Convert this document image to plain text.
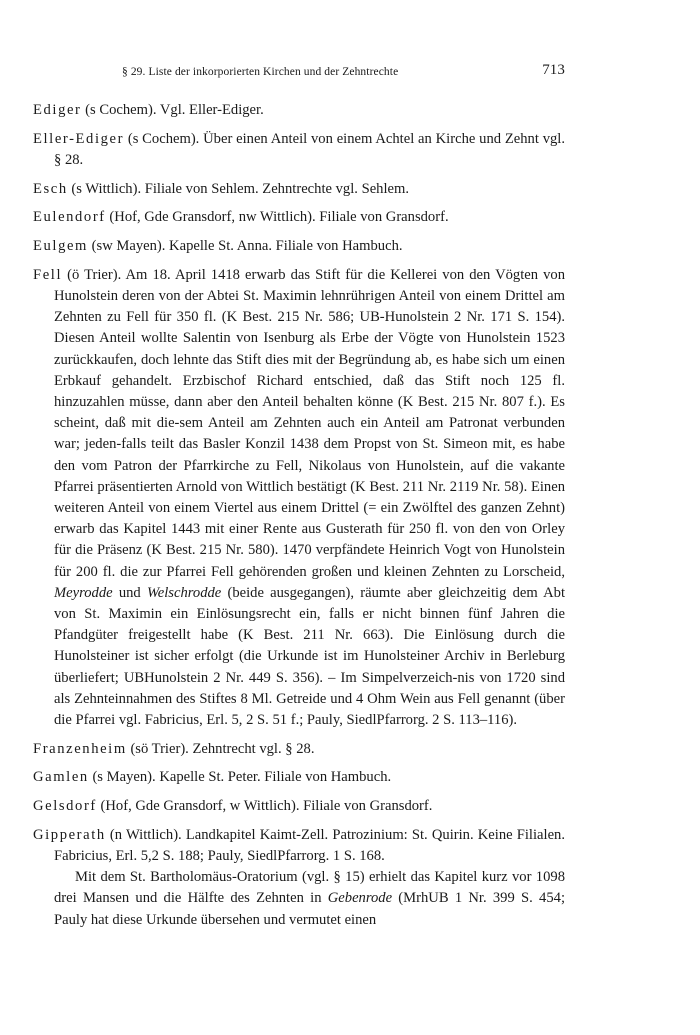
§ 29. Liste der inkorporierten Kirchen und der Zehntrechte	713

Ediger (s Cochem). Vgl. Eller-Ediger.

Eller-Ediger (s Cochem). Über einen Anteil von einem Achtel an Kirche und Zehnt vgl. § 28.

Esch (s Wittlich). Filiale von Sehlem. Zehntrechte vgl. Sehlem.

Eulendorf (Hof, Gde Gransdorf, nw Wittlich). Filiale von Gransdorf.

Eulgem (sw Mayen). Kapelle St. Anna. Filiale von Hambuch.

Fell (ö Trier). Am 18. April 1418 erwarb das Stift für die Kellerei von den Vögten von Hunolstein deren von der Abtei St. Maximin lehnrührigen Anteil von einem Drittel am Zehnten zu Fell für 350 fl. (K Best. 215 Nr. 586; UB-Hunolstein 2 Nr. 171 S. 154). Diesen Anteil wollte Salentin von Isenburg als Erbe der Vögte von Hunolstein 1523 zurückkaufen, doch lehnte das Stift dies mit der Begründung ab, es habe sich um einen Erbkauf gehandelt. Erzbischof Richard entschied, daß das Stift noch 125 fl. hinzuzahlen müsse, dann aber den Anteil behalten könne (K Best. 215 Nr. 807 f.). Es scheint, daß mit die-sem Anteil am Zehnten auch ein Anteil am Patronat verbunden war; jeden-falls teilt das Basler Konzil 1438 dem Propst von St. Simeon mit, es habe den vom Patron der Pfarrkirche zu Fell, Nikolaus von Hunolstein, auf die vakante Pfarrei präsentierten Arnold von Wittlich bestätigt (K Best. 211 Nr. 2119 Nr. 58). Einen weiteren Anteil von einem Viertel aus einem Drittel (= ein Zwölftel des ganzen Zehnt) erwarb das Kapitel 1443 mit einer Rente aus Gusterath für 250 fl. von den von Orley für die Präsenz (K Best. 215 Nr. 580). 1470 verpfändete Heinrich Vogt von Hunolstein für 200 fl. die zur Pfarrei Fell gehörenden großen und kleinen Zehnten zu Lorscheid, Meyrodde und Welschrodde (beide ausgegangen), räumte aber gleichzeitig dem Abt von St. Maximin ein Einlösungsrecht ein, falls er nicht binnen fünf Jahren die Pfandgüter freigestellt habe (K Best. 211 Nr. 663). Die Einlösung durch die Hunolsteiner ist sicher erfolgt (die Urkunde ist im Hunolsteiner Archiv in Berleburg überliefert; UBHunolstein 2 Nr. 449 S. 356). – Im Simpelverzeich-nis von 1720 sind als Zehnteinnahmen des Stiftes 8 Ml. Getreide und 4 Ohm Wein aus Fell genannt (über die Pfarrei vgl. Fabricius, Erl. 5, 2 S. 51 f.; Pauly, SiedlPfarrorg. 2 S. 113–116).

Franzenheim (sö Trier). Zehntrecht vgl. § 28.

Gamlen (s Mayen). Kapelle St. Peter. Filiale von Hambuch.

Gelsdorf (Hof, Gde Gransdorf, w Wittlich). Filiale von Gransdorf.

Gipperath (n Wittlich). Landkapitel Kaimt-Zell. Patrozinium: St. Quirin. Keine Filialen. Fabricius, Erl. 5,2 S. 188; Pauly, SiedlPfarrorg. 1 S. 168.

Mit dem St. Bartholomäus-Oratorium (vgl. § 15) erhielt das Kapitel kurz vor 1098 drei Mansen und die Hälfte des Zehnten in Gebenrode (MrhUB 1 Nr. 399 S. 454; Pauly hat diese Urkunde übersehen und vermutet einen
